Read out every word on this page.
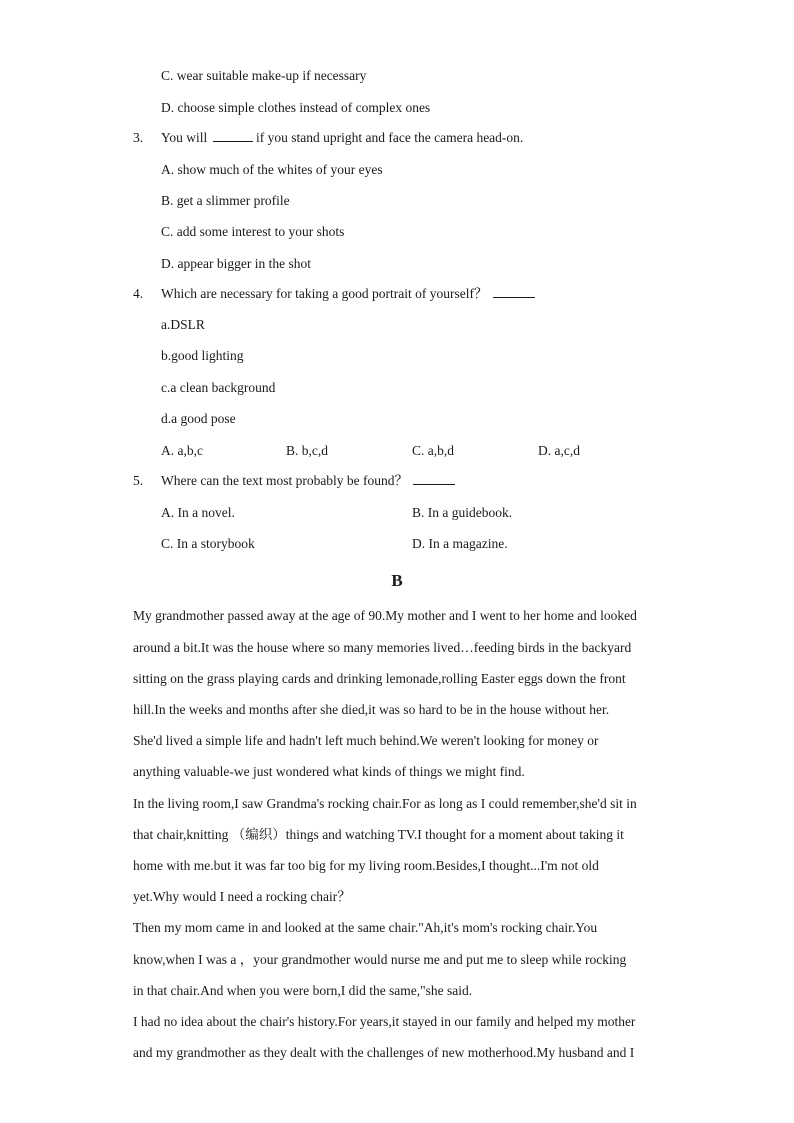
C. wear suitable make-up if necessary
D. choose simple clothes instead of complex ones
3. You will	if you stand upright and face the camera head-on.
A. show much of the whites of your eyes
B. get a slimmer profile
C. add some interest to your shots
D. appear bigger in the shot
4. Which are necessary for taking a good portrait of yourself？
a.DSLR
b.good lighting
c.a clean background
d.a good pose
A. a,b,c	B. b,c,d	C. a,b,d	D. a,c,d
5. Where can the text most probably be found？
A. In a novel.	B. In a guidebook.
C. In a storybook	D. In a magazine.
B
My grandmother passed away at the age of 90.My mother and I went to her home and looked
around a bit.It was the house where so many memories lived…feeding birds in the backyard
sitting on the grass playing cards and drinking lemonade,rolling Easter eggs down the front
hill.In the weeks and months after she died,it was so hard to be in the house without her.
She'd lived a simple life and hadn't left much behind.We weren't looking for money or
anything valuable-we just wondered what kinds of things we might find.
In the living room,I saw Grandma's rocking chair.For as long as I could remember,she'd sit in
that chair,knitting （编织）things and watching TV.I thought for a moment about taking it
home with me.but it was far too big for my living room.Besides,I thought...I'm not old
yet.Why would I need a rocking chair？
Then my mom came in and looked at the same chair."Ah,it's mom's rocking chair.You
know,when I was a ，your grandmother would nurse me and put me to sleep while rocking
in that chair.And when you were born,I did the same,"she said.
I had no idea about the chair's history.For years,it stayed in our family and helped my mother
and my grandmother as they dealt with the challenges of new motherhood.My husband and I
